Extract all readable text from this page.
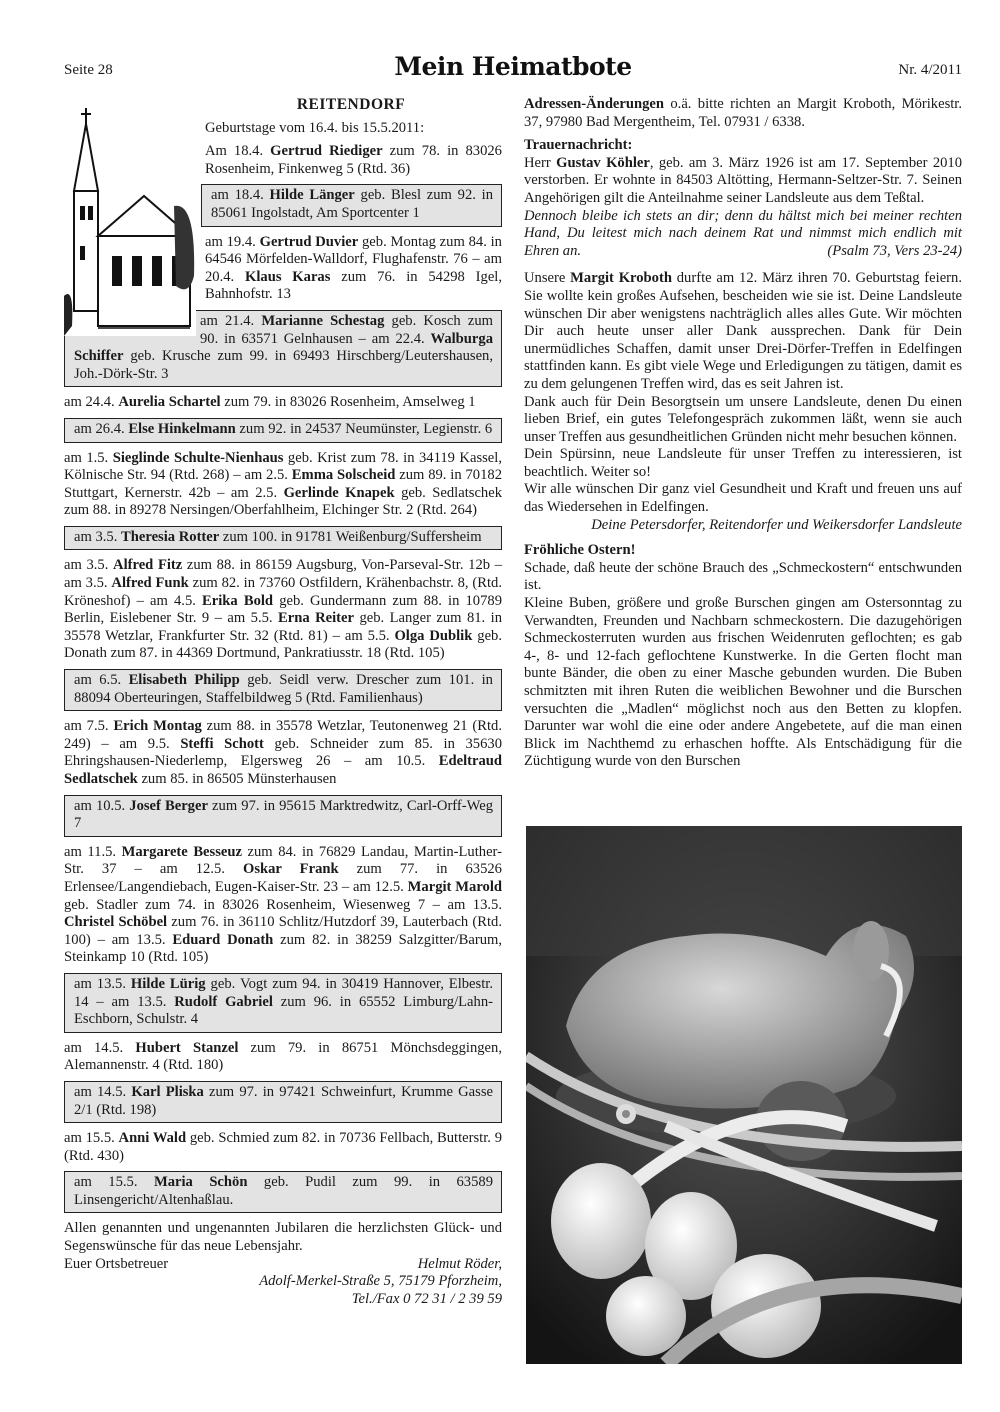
Seite 28	Mein Heimatbote	Nr. 4/2011
REITENDORF
Geburtstage vom 16.4. bis 15.5.2011:
Am 18.4. Gertrud Riediger zum 78. in 83026 Rosenheim, Finkenweg 5 (Rtd. 36)
am 18.4. Hilde Länger geb. Blesl zum 92. in 85061 Ingolstadt, Am Sportcenter 1
am 19.4. Gertrud Duvier geb. Montag zum 84. in 64546 Mörfelden-Walldorf, Flughafenstr. 76 – am 20.4. Klaus Karas zum 76. in 54298 Igel, Bahnhofstr. 13
am 21.4. Marianne Schestag geb. Kosch zum 90. in 63571 Gelnhausen – am 22.4. Walburga Schiffer geb. Krusche zum 99. in 69493 Hirschberg/Leutershausen, Joh.-Dörk-Str. 3
am 24.4. Aurelia Schartel zum 79. in 83026 Rosenheim, Amselweg 1
am 26.4. Else Hinkelmann zum 92. in 24537 Neumünster, Legienstr. 6
am 1.5. Sieglinde Schulte-Nienhaus geb. Krist zum 78. in 34119 Kassel, Kölnische Str. 94 (Rtd. 268) – am 2.5. Emma Solscheid zum 89. in 70182 Stuttgart, Kernerstr. 42b – am 2.5. Gerlinde Knapek geb. Sedlatschek zum 88. in 89278 Nersingen/Oberfahlheim, Elchinger Str. 2 (Rtd. 264)
am 3.5. Theresia Rotter zum 100. in 91781 Weißenburg/Suffersheim
am 3.5. Alfred Fitz zum 88. in 86159 Augsburg, Von-Parseval-Str. 12b – am 3.5. Alfred Funk zum 82. in 73760 Ostfildern, Krähenbachstr. 8, (Rtd. Kröneshof) – am 4.5. Erika Bold geb. Gundermann zum 88. in 10789 Berlin, Eislebener Str. 9 – am 5.5. Erna Reiter geb. Langer zum 81. in 35578 Wetzlar, Frankfurter Str. 32 (Rtd. 81) – am 5.5. Olga Dublik geb. Donath zum 87. in 44369 Dortmund, Pankratiusstr. 18 (Rtd. 105)
am 6.5. Elisabeth Philipp geb. Seidl verw. Drescher zum 101. in 88094 Oberteuringen, Staffelbildweg 5 (Rtd. Familienhaus)
am 7.5. Erich Montag zum 88. in 35578 Wetzlar, Teutonenweg 21 (Rtd. 249) – am 9.5. Steffi Schott geb. Schneider zum 85. in 35630 Ehringshausen-Niederlemp, Elgersweg 26 – am 10.5. Edeltraud Sedlatschek zum 85. in 86505 Münsterhausen
am 10.5. Josef Berger zum 97. in 95615 Marktredwitz, Carl-Orff-Weg 7
am 11.5. Margarete Besseuz zum 84. in 76829 Landau, Martin-Luther-Str. 37 – am 12.5. Oskar Frank zum 77. in 63526 Erlensee/Langendiebach, Eugen-Kaiser-Str. 23 – am 12.5. Margit Marold geb. Stadler zum 74. in 83026 Rosenheim, Wiesenweg 7 – am 13.5. Christel Schöbel zum 76. in 36110 Schlitz/Hutzdorf 39, Lauterbach (Rtd. 100) – am 13.5. Eduard Donath zum 82. in 38259 Salzgitter/Barum, Steinkamp 10 (Rtd. 105)
am 13.5. Hilde Lürig geb. Vogt zum 94. in 30419 Hannover, Elbestr. 14 – am 13.5. Rudolf Gabriel zum 96. in 65552 Limburg/Lahn-Eschborn, Schulstr. 4
am 14.5. Hubert Stanzel zum 79. in 86751 Mönchsdeggingen, Alemannenstr. 4 (Rtd. 180)
am 14.5. Karl Pliska zum 97. in 97421 Schweinfurt, Krumme Gasse 2/1 (Rtd. 198)
am 15.5. Anni Wald geb. Schmied zum 82. in 70736 Fellbach, Butterstr. 9 (Rtd. 430)
am 15.5. Maria Schön geb. Pudil zum 99. in 63589 Linsengericht/Altenhaßlau.
Allen genannten und ungenannten Jubilaren die herzlichsten Glück- und Segenswünsche für das neue Lebensjahr.
Euer Ortsbetreuer	Helmut Röder,
Adolf-Merkel-Straße 5, 75179 Pforzheim,
Tel./Fax 0 72 31 / 2 39 59
Adressen-Änderungen o.ä. bitte richten an Margit Kroboth, Mörikestr. 37, 97980 Bad Mergentheim, Tel. 07931 / 6338.
Trauernachricht:
Herr Gustav Köhler, geb. am 3. März 1926 ist am 17. September 2010 verstorben. Er wohnte in 84503 Altötting, Hermann-Seltzer-Str. 7. Seinen Angehörigen gilt die Anteilnahme seiner Landsleute aus dem Teßtal.
Dennoch bleibe ich stets an dir; denn du hältst mich bei meiner rechten Hand, Du leitest mich nach deinem Rat und nimmst mich endlich mit Ehren an.	(Psalm 73, Vers 23-24)
Unsere Margit Kroboth durfte am 12. März ihren 70. Geburtstag feiern. Sie wollte kein großes Aufsehen, bescheiden wie sie ist. Deine Landsleute wünschen Dir aber wenigstens nachträglich alles alles Gute. Wir möchten Dir auch heute unser aller Dank aussprechen. Dank für Dein unermüdliches Schaffen, damit unser Drei-Dörfer-Treffen in Edelfingen stattfinden kann. Es gibt viele Wege und Erledigungen zu tätigen, damit es zu dem gelungenen Treffen wird, das es seit Jahren ist.
Dank auch für Dein Besorgtsein um unsere Landsleute, denen Du einen lieben Brief, ein gutes Telefongespräch zukommen läßt, wenn sie auch unser Treffen aus gesundheitlichen Gründen nicht mehr besuchen können.
Dein Spürsinn, neue Landsleute für unser Treffen zu interessieren, ist beachtlich. Weiter so!
Wir alle wünschen Dir ganz viel Gesundheit und Kraft und freuen uns auf das Wiedersehen in Edelfingen.
Deine Petersdorfer, Reitendorfer und Weikersdorfer Landsleute
Fröhliche Ostern!
Schade, daß heute der schöne Brauch des „Schmeckostern“ entschwunden ist.
Kleine Buben, größere und große Burschen gingen am Ostersonntag zu Verwandten, Freunden und Nachbarn schmeckostern. Die dazugehörigen Schmeckosterruten wurden aus frischen Weidenruten geflochten; es gab 4-, 8- und 12-fach geflochtene Kunstwerke. In die Gerten flocht man bunte Bänder, die oben zu einer Masche gebunden wurden. Die Buben schmitzten mit ihren Ruten die weiblichen Bewohner und die Burschen versuchten die „Madlen“ möglichst noch aus den Betten zu klopfen. Darunter war wohl die eine oder andere Angebetete, auf die man einen Blick im Nachthemd zu erhaschen hoffte. Als Entschädigung für die Züchtigung wurde von den Burschen
